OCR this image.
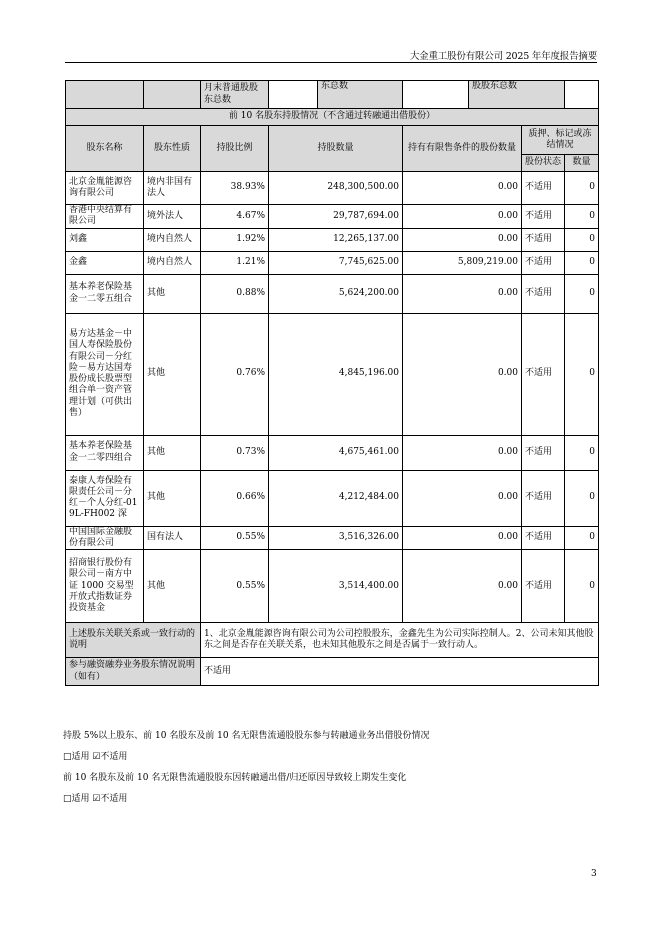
大金重工股份有限公司 2025 年年度报告摘要
		月末普通股股东总数		东总数		股股东总数		
前 10 名股东持股情况（不含通过转融通出借股份）								
股东名称	股东性质	持股比例	持股数量		持有有限售条件的股份数量		质押、标记或冻结情况	
							股份状态	数量
北京金胤能源咨询有限公司	境内非国有法人	38.93%	248,300,500.00		0.00		不适用	0
香港中央结算有限公司	境外法人	4.67%	29,787,694.00		0.00		不适用	0
刘鑫	境内自然人	1.92%	12,265,137.00		0.00		不适用	0
金鑫	境内自然人	1.21%	7,745,625.00		5,809,219.00		不适用	0
基本养老保险基金一二零五组合	其他	0.88%	5,624,200.00		0.00		不适用	0
易方达基金－中国人寿保险股份有限公司－分红险－易方达国寿股份成长股票型组合单一资产管理计划（可供出售）	其他	0.76%	4,845,196.00		0.00		不适用	0
基本养老保险基金一二零四组合	其他	0.73%	4,675,461.00		0.00		不适用	0
泰康人寿保险有限责任公司－分红－个人分红-019L-FH002 深	其他	0.66%	4,212,484.00		0.00		不适用	0
中国国际金融股份有限公司	国有法人	0.55%	3,516,326.00		0.00		不适用	0
招商银行股份有限公司－南方中证 1000 交易型开放式指数证券投资基金	其他	0.55%	3,514,400.00		0.00		不适用	0
上述股东关联关系或一致行动的说明		1、北京金胤能源咨询有限公司为公司控股股东，金鑫先生为公司实际控制人。2、公司未知其他股东之间是否存在关联关系，也未知其他股东之间是否属于一致行动人。						
参与融资融券业务股东情况说明（如有）		不适用						
持股 5%以上股东、前 10 名股东及前 10 名无限售流通股股东参与转融通业务出借股份情况
□适用 ☑不适用
前 10 名股东及前 10 名无限售流通股股东因转融通出借/归还原因导致较上期发生变化
□适用 ☑不适用
3
